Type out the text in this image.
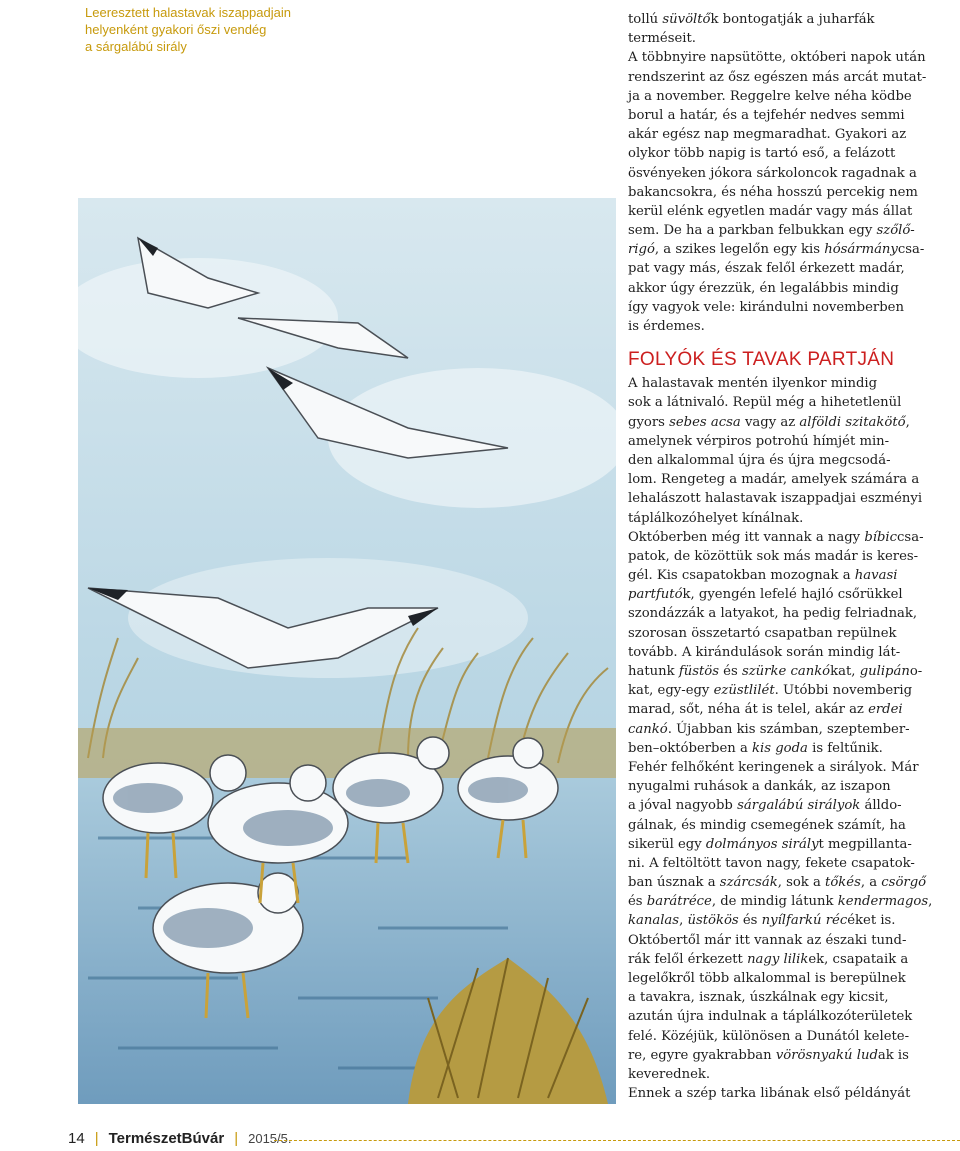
Leeresztett halastavak iszappadjain
helyenként gyakori őszi vendég
a sárgalábú sirály
tollú süvöltők bontogatják a juharfák
terméseit.
A többnyire napsütötte, októberi napok után
rendszerint az ősz egészen más arcát mutat-
ja a november. Reggelre kelve néha ködbe
borul a határ, és a tejfehér nedves semmi
akár egész nap megmaradhat. Gyakori az
olykor több napig is tartó eső, a felázott
ösvényeken jókora sárkoloncok ragadnak a
bakancsokra, és néha hosszú percekig nem
kerül elénk egyetlen madár vagy más állat
sem. De ha a parkban felbukkan egy szőlő-
rigó, a szikes legelőn egy kis hósármánycsa-
pat vagy más, észak felől érkezett madár,
akkor úgy érezzük, én legalábbis mindig
így vagyok vele: kirándulni novemberben
is érdemes.
FOLYÓK ÉS TAVAK PARTJÁN
A halastavak mentén ilyenkor mindig
sok a látnivaló. Repül még a hihetetlenül
gyors sebes acsa vagy az alföldi szitakötő,
amelynek vérpiros potrohú hímjét min-
den alkalommal újra és újra megcsodá-
lom. Rengeteg a madár, amelyek számára a
lehalászott halastavak iszappadjai eszményi
táplálkozóhelyet kínálnak.
Októberben még itt vannak a nagy bíbiccsa-
patok, de közöttük sok más madár is keres-
gél. Kis csapatokban mozognak a havasi
partfutók, gyengén lefelé hajló csőrükkel
szondázzák a latyakot, ha pedig felriadnak,
szorosan összetartó csapatban repülnek
tovább. A kirándulások során mindig lát-
hatunk füstös és szürke cankókat, gulipáno-
kat, egy-egy ezüstlilét. Utóbbi novemberig
marad, sőt, néha át is telel, akár az erdei
cankó. Újabban kis számban, szeptember-
ben–októberben a kis goda is feltűnik.
Fehér felhőként keringenek a sirályok. Már
nyugalmi ruhások a dankák, az iszapon
a jóval nagyobb sárgalábú sirályok álldo-
gálnak, és mindig csemegének számít, ha
sikerül egy dolmányos sirályt megpillanta-
ni. A feltöltött tavon nagy, fekete csapatok-
ban úsznak a szárcsák, sok a tőkés, a csörgő
és barátréce, de mindig látunk kendermagos,
kanalas, üstökös és nyílfarkú récéket is.
Októbertől már itt vannak az északi tund-
rák felől érkezett nagy lilikek, csapataik a
legelőkről több alkalommal is berepülnek
a tavakra, isznak, úszkálnak egy kicsit,
azután újra indulnak a táplálkozóterületek
felé. Közéjük, különösen a Dunától kelete-
re, egyre gyakrabban vörösnyakú ludak is
keverednek.
Ennek a szép tarka libának első példányát
14 | TermészetBúvár | 2015/5.
